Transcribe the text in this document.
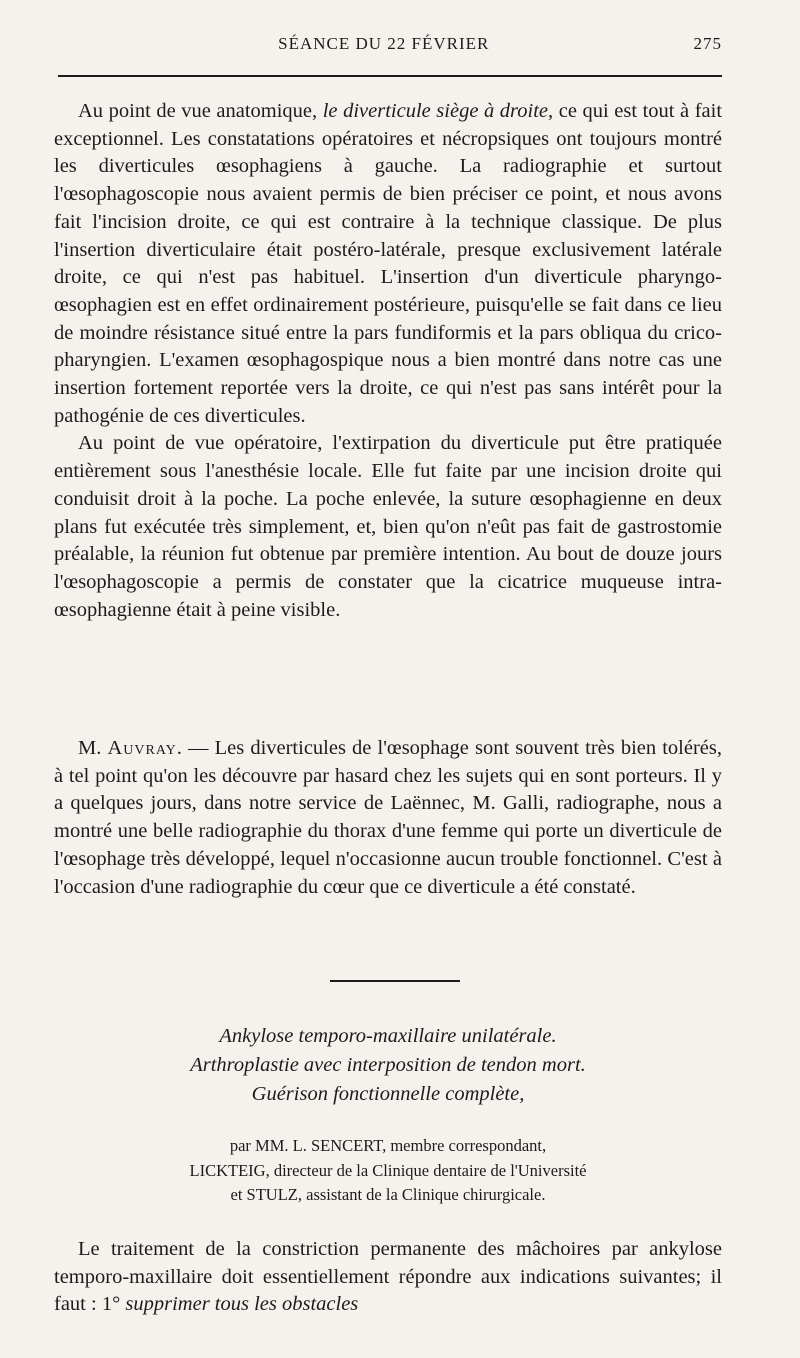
SÉANCE DU 22 FÉVRIER	275

Au point de vue anatomique, le diverticule siège à droite, ce qui est tout à fait exceptionnel. Les constatations opératoires et nécropsiques ont toujours montré les diverticules œsophagiens à gauche. La radiographie et surtout l'œsophagoscopie nous avaient permis de bien préciser ce point, et nous avons fait l'incision droite, ce qui est contraire à la technique classique. De plus l'insertion diverticulaire était postéro-latérale, presque exclusivement latérale droite, ce qui n'est pas habituel. L'insertion d'un diverticule pharyngo-œsophagien est en effet ordinairement postérieure, puisqu'elle se fait dans ce lieu de moindre résistance situé entre la pars fundiformis et la pars obliqua du crico-pharyngien. L'examen œsophagospique nous a bien montré dans notre cas une insertion fortement reportée vers la droite, ce qui n'est pas sans intérêt pour la pathogénie de ces diverticules.

Au point de vue opératoire, l'extirpation du diverticule put être pratiquée entièrement sous l'anesthésie locale. Elle fut faite par une incision droite qui conduisit droit à la poche. La poche enlevée, la suture œsophagienne en deux plans fut exécutée très simplement, et, bien qu'on n'eût pas fait de gastrostomie préalable, la réunion fut obtenue par première intention. Au bout de douze jours l'œsophagoscopie a permis de constater que la cicatrice muqueuse intra-œsophagienne était à peine visible.

M. Auvray. — Les diverticules de l'œsophage sont souvent très bien tolérés, à tel point qu'on les découvre par hasard chez les sujets qui en sont porteurs. Il y a quelques jours, dans notre service de Laënnec, M. Galli, radiographe, nous a montré une belle radiographie du thorax d'une femme qui porte un diverticule de l'œsophage très développé, lequel n'occasionne aucun trouble fonctionnel. C'est à l'occasion d'une radiographie du cœur que ce diverticule a été constaté.

Ankylose temporo-maxillaire unilatérale.
Arthroplastie avec interposition de tendon mort.
Guérison fonctionnelle complète,
par MM. L. SENCERT, membre correspondant,
LICKTEIG, directeur de la Clinique dentaire de l'Université
et STULZ, assistant de la Clinique chirurgicale.

Le traitement de la constriction permanente des mâchoires par ankylose temporo-maxillaire doit essentiellement répondre aux indications suivantes; il faut : 1° supprimer tous les obstacles
